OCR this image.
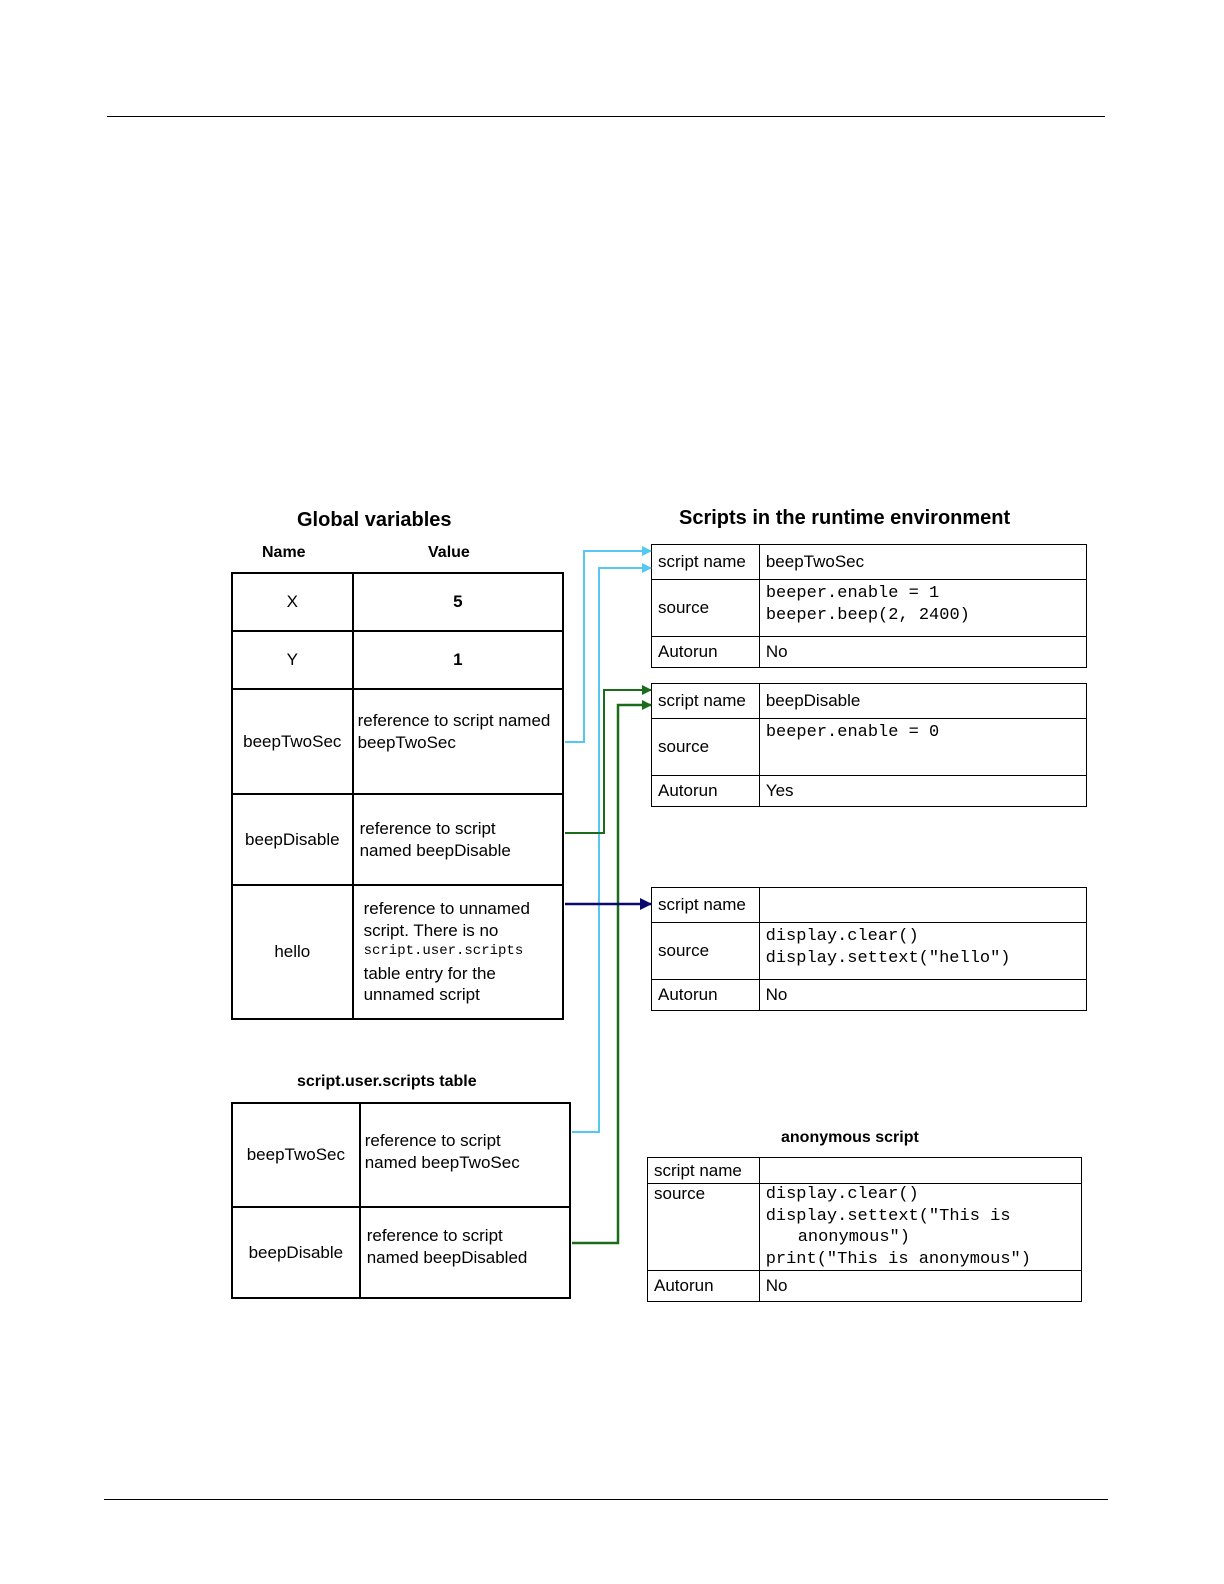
Global variables
Name	Value
X	5
Y	1
beepTwoSec	reference to script named beepTwoSec
beepDisable	reference to script
named beepDisable

hello	reference to unnamed
script. There is no
script.user.scripts
table entry for the
unnamed script
script.user.scripts table
beepTwoSec	reference to script
named beepTwoSec

beepDisable	reference to script
named beepDisabled
Scripts in the runtime environment
script name	beepTwoSec
source	beeper.enable = 1
beeper.beep(2, 2400)

Autorun	No
script name	beepDisable
source	beeper.enable = 0

Autorun	Yes
script name	
source	display.clear()
display.settext("hello")

Autorun	No
anonymous script
script name	
source	display.clear()
display.settext("This is
anonymous")
print("This is anonymous")

Autorun	No
